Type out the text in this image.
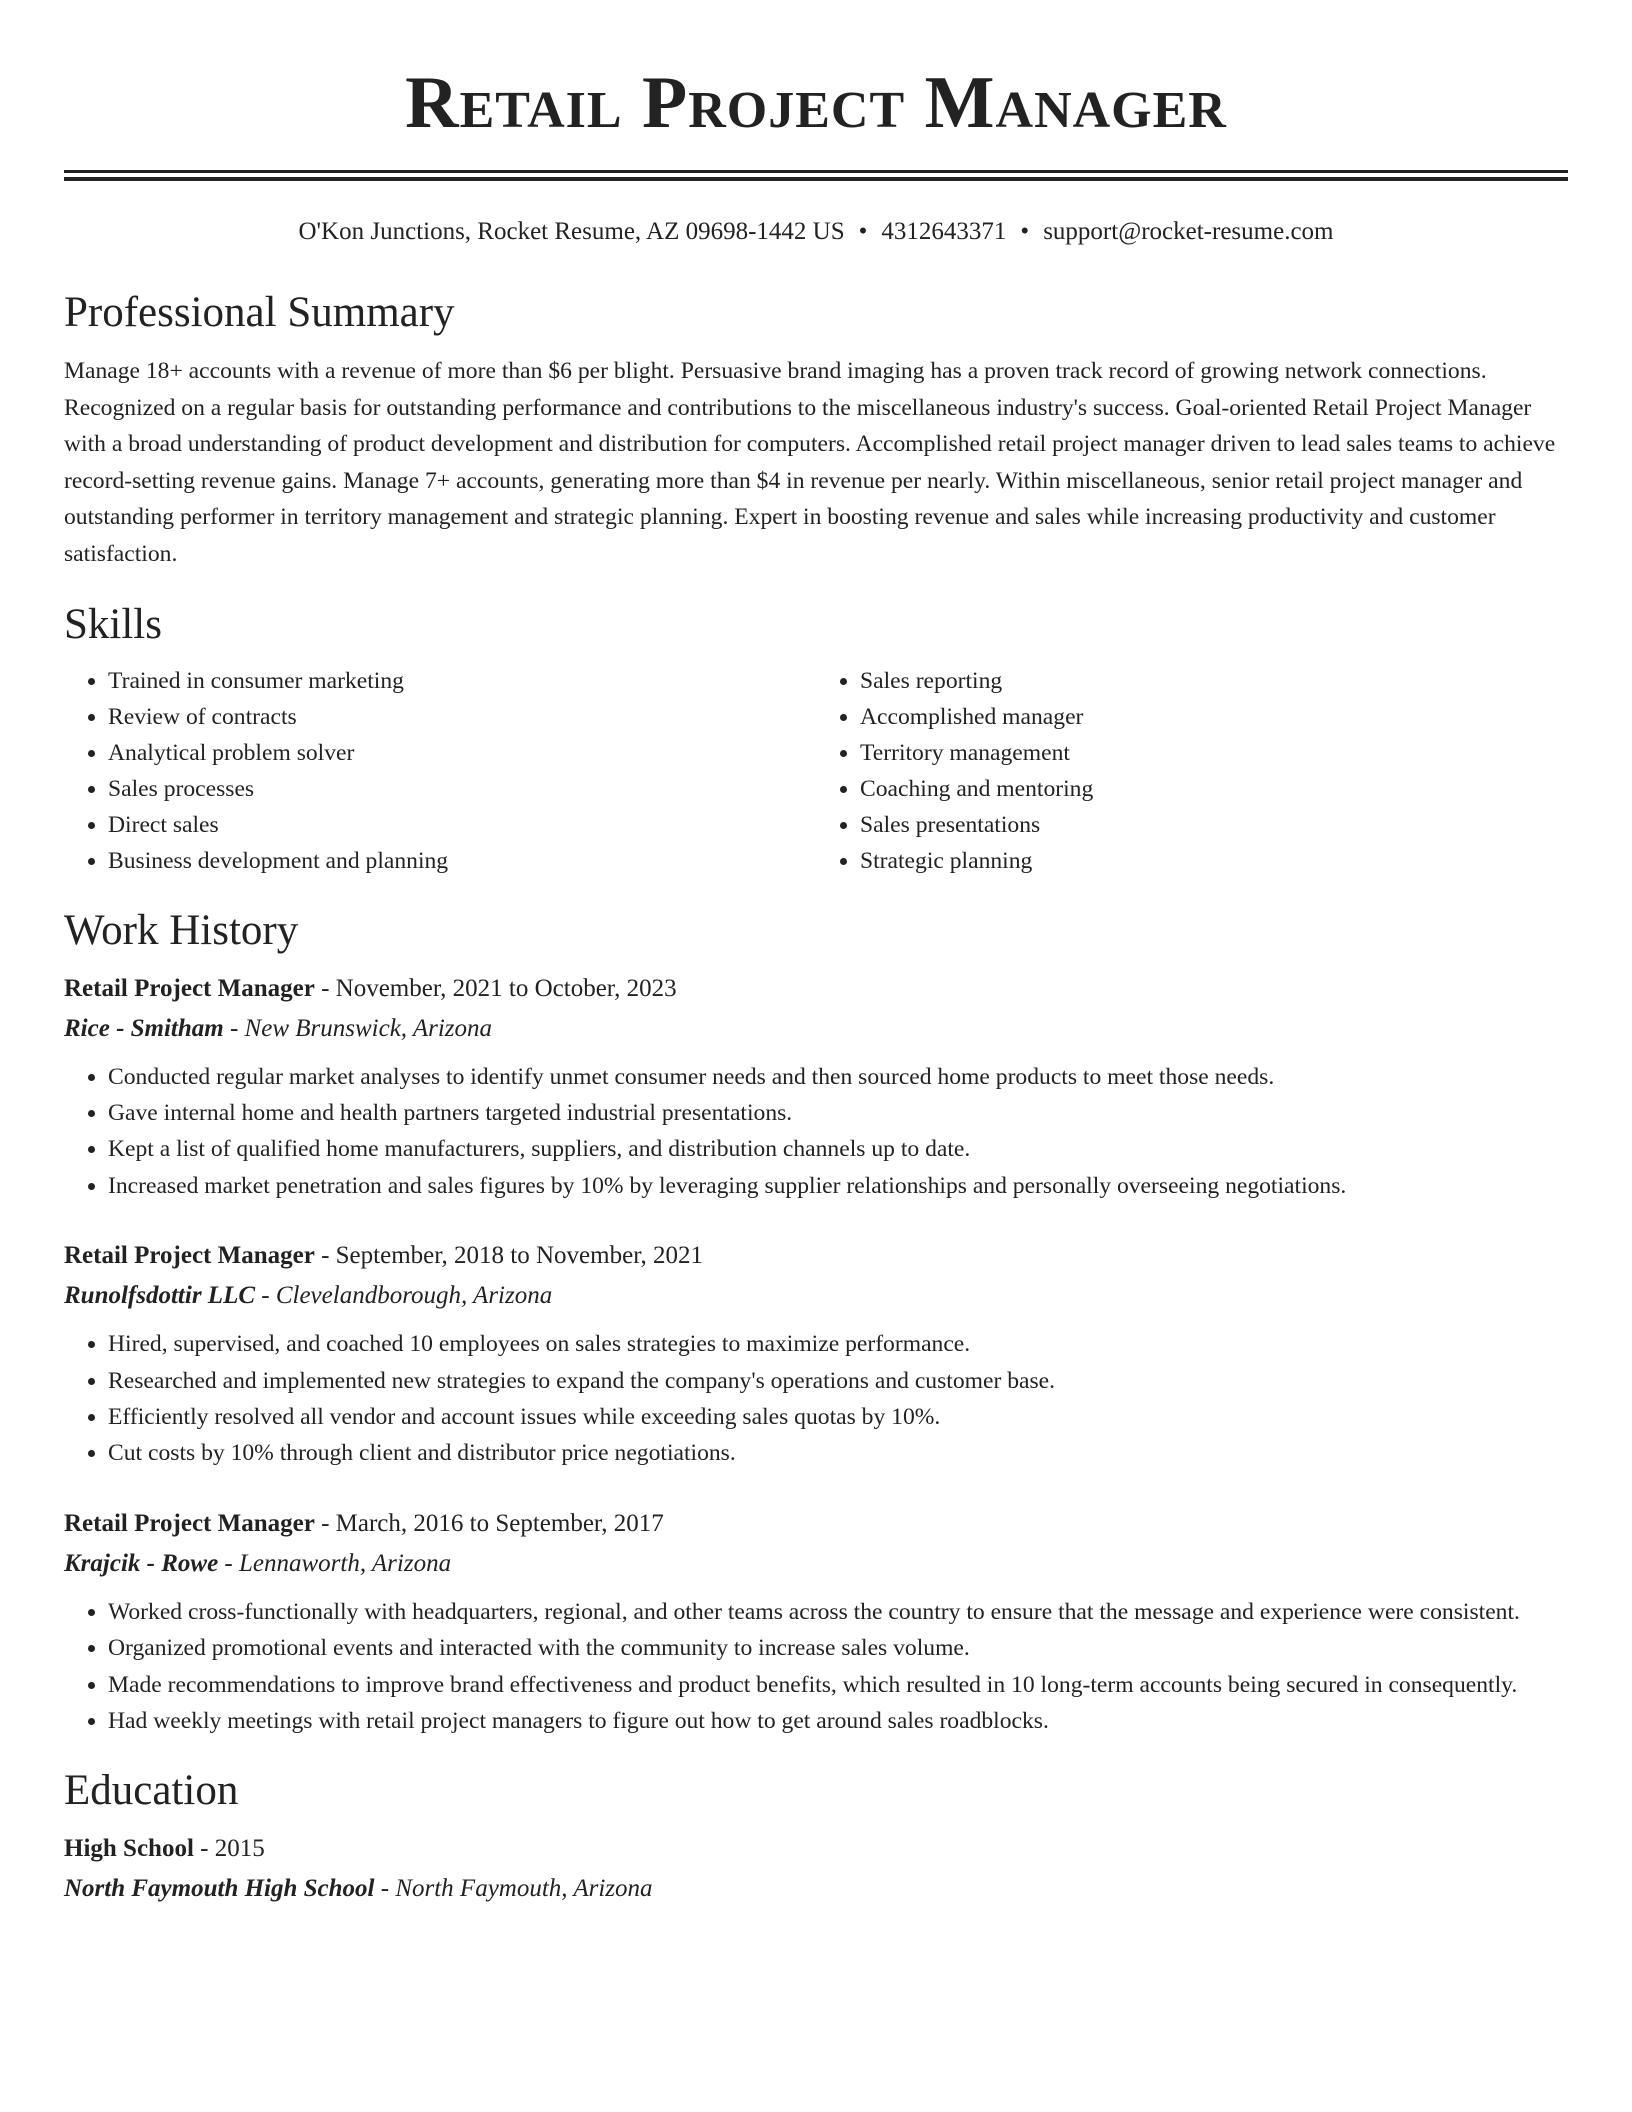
Retail Project Manager
O'Kon Junctions, Rocket Resume, AZ 09698-1442 US • 4312643371 • support@rocket-resume.com
Professional Summary

Manage 18+ accounts with a revenue of more than $6 per blight. Persuasive brand imaging has a proven track record of growing network connections. Recognized on a regular basis for outstanding performance and contributions to the miscellaneous industry's success. Goal-oriented Retail Project Manager with a broad understanding of product development and distribution for computers. Accomplished retail project manager driven to lead sales teams to achieve record-setting revenue gains. Manage 7+ accounts, generating more than $4 in revenue per nearly. Within miscellaneous, senior retail project manager and outstanding performer in territory management and strategic planning. Expert in boosting revenue and sales while increasing productivity and customer satisfaction.

Skills
• Trained in consumer marketing
• Review of contracts
• Analytical problem solver
• Sales processes
• Direct sales
• Business development and planning
• Sales reporting
• Accomplished manager
• Territory management
• Coaching and mentoring
• Sales presentations
• Strategic planning
Work History
Retail Project Manager - November, 2021 to October, 2023
Rice - Smitham - New Brunswick, Arizona
• Conducted regular market analyses to identify unmet consumer needs and then sourced home products to meet those needs.
• Gave internal home and health partners targeted industrial presentations.
• Kept a list of qualified home manufacturers, suppliers, and distribution channels up to date.
• Increased market penetration and sales figures by 10% by leveraging supplier relationships and personally overseeing negotiations.
Retail Project Manager - September, 2018 to November, 2021
Runolfsdottir LLC - Clevelandborough, Arizona
• Hired, supervised, and coached 10 employees on sales strategies to maximize performance.
• Researched and implemented new strategies to expand the company's operations and customer base.
• Efficiently resolved all vendor and account issues while exceeding sales quotas by 10%.
• Cut costs by 10% through client and distributor price negotiations.
Retail Project Manager - March, 2016 to September, 2017
Krajcik - Rowe - Lennaworth, Arizona
• Worked cross-functionally with headquarters, regional, and other teams across the country to ensure that the message and experience were consistent.
• Organized promotional events and interacted with the community to increase sales volume.
• Made recommendations to improve brand effectiveness and product benefits, which resulted in 10 long-term accounts being secured in consequently.
• Had weekly meetings with retail project managers to figure out how to get around sales roadblocks.
Education
High School - 2015
North Faymouth High School - North Faymouth, Arizona
